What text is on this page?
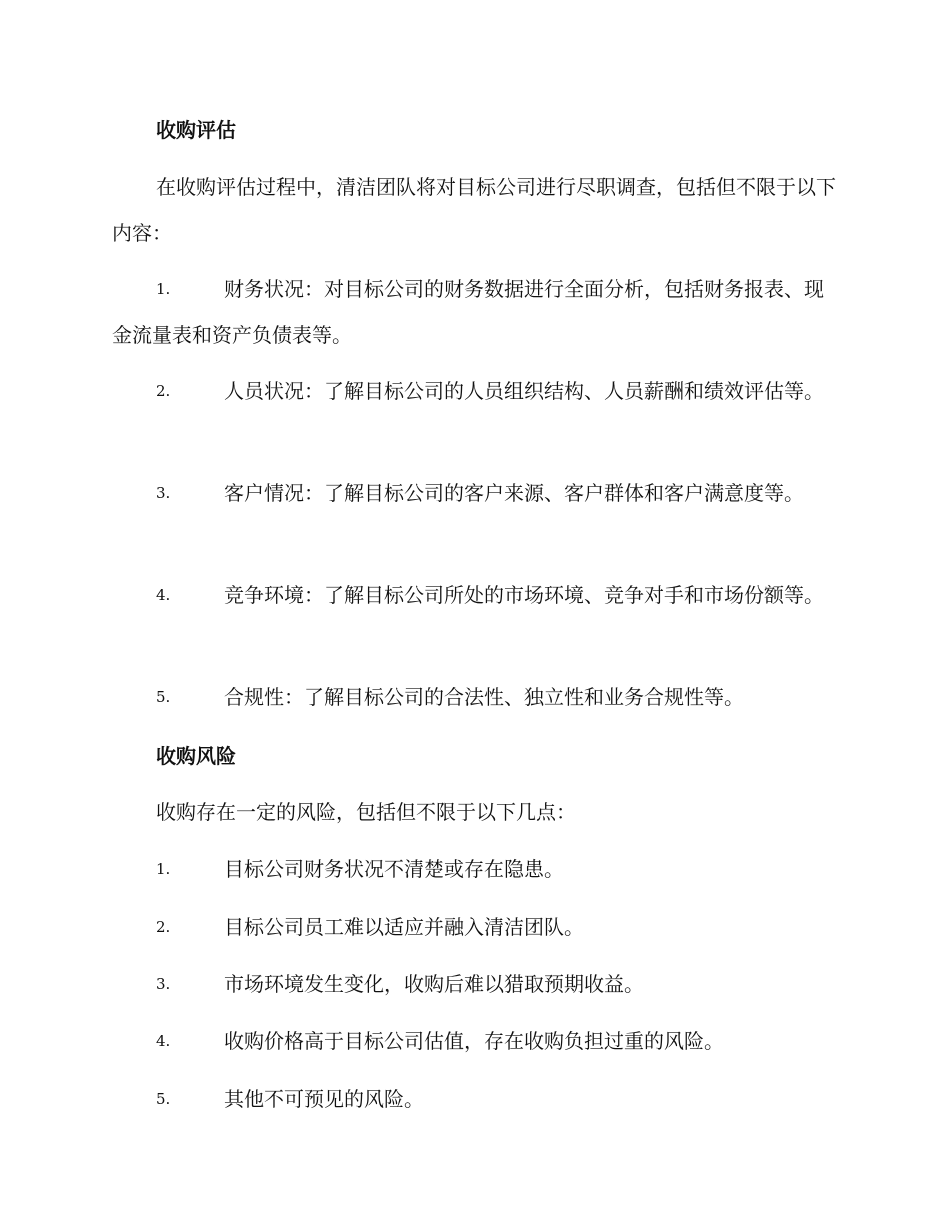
收购评估

在收购评估过程中，清洁团队将对目标公司进行尽职调查，包括但不限于以下内容：

1.	财务状况：对目标公司的财务数据进行全面分析，包括财务报表、现金流量表和资产负债表等。

2.	人员状况：了解目标公司的人员组织结构、人员薪酬和绩效评估等。

3.	客户情况：了解目标公司的客户来源、客户群体和客户满意度等。

4.	竞争环境：了解目标公司所处的市场环境、竞争对手和市场份额等。

5.	合规性：了解目标公司的合法性、独立性和业务合规性等。

收购风险

收购存在一定的风险，包括但不限于以下几点：

1.	目标公司财务状况不清楚或存在隐患。

2.	目标公司员工难以适应并融入清洁团队。

3.	市场环境发生变化，收购后难以猎取预期收益。

4.	收购价格高于目标公司估值，存在收购负担过重的风险。

5.	其他不可预见的风险。
